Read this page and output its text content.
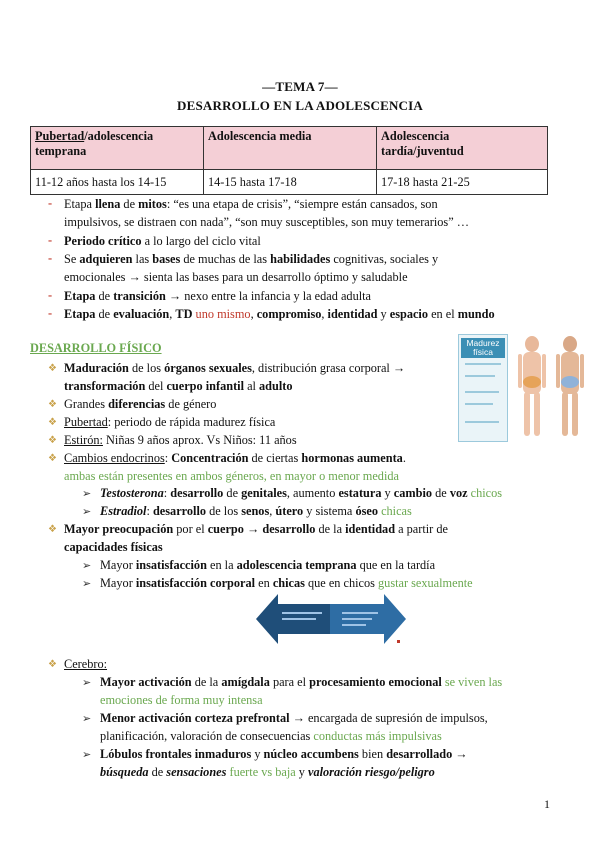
—TEMA 7—
DESARROLLO EN LA ADOLESCENCIA
Pubertad/adolescencia
temprana	Adolescencia media	Adolescencia
tardía/juventud
11-12 años hasta los 14-15	14-15 hasta 17-18	17-18 hasta 21-25
- Etapa llena de mitos: “es una etapa de crisis”, “siempre están cansados, son
impulsivos, se distraen con nada”, “son muy susceptibles, son muy temerarios” …
- Periodo crítico a lo largo del ciclo vital
- Se adquieren las bases de muchas de las habilidades cognitivas, sociales y
emocionales → sienta las bases para un desarrollo óptimo y saludable
- Etapa de transición → nexo entre la infancia y la edad adulta
- Etapa de evaluación, TD uno mismo, compromiso, identidad y espacio en el mundo
DESARROLLO FÍSICO	Madurez física
❖ Maduración de los órganos sexuales, distribución grasa corporal →
transformación del cuerpo infantil al adulto
❖ Grandes diferencias de género
❖ Pubertad: periodo de rápida madurez física
❖ Estirón: Niñas 9 años aprox. Vs Niños: 11 años
❖ Cambios endocrinos: Concentración de ciertas hormonas aumenta.
ambas están presentes en ambos géneros, en mayor o menor medida
➢ Testosterona: desarrollo de genitales, aumento estatura y cambio de voz chicos
➢ Estradiol: desarrollo de los senos, útero y sistema óseo chicas
❖ Mayor preocupación por el cuerpo → desarrollo de la identidad a partir de
capacidades físicas
➢ Mayor insatisfacción en la adolescencia temprana que en la tardía
➢ Mayor insatisfacción corporal en chicas que en chicos gustar sexualmente
❖ Cerebro:
➢ Mayor activación de la amígdala para el procesamiento emocional se viven las
emociones de forma muy intensa
➢ Menor activación corteza prefrontal → encargada de supresión de impulsos,
planificación, valoración de consecuencias conductas más impulsivas
➢ Lóbulos frontales inmaduros y núcleo accumbens bien desarrollado →
búsqueda de sensaciones fuerte vs baja y valoración riesgo/peligro
1
